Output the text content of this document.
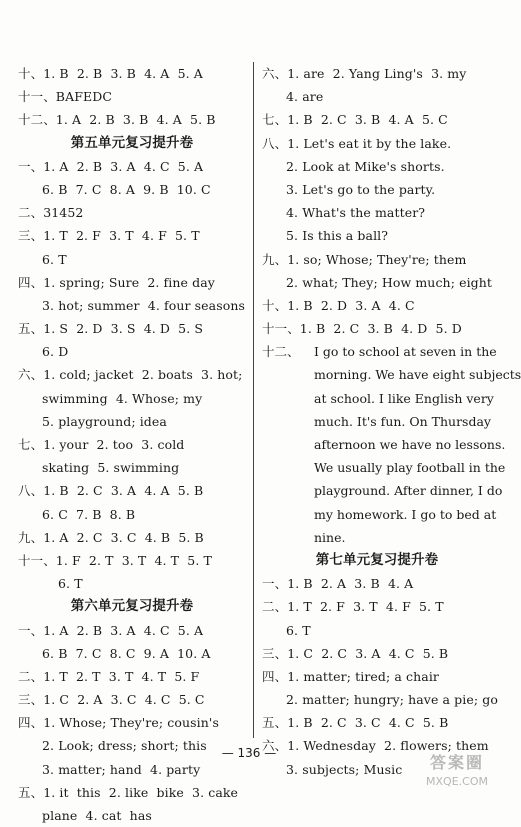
十、1. B  2. B  3. B  4. A  5. A
十一、BAFEDC
十二、1. A  2. B  3. B  4. A  5. B
第五单元复习提升卷
一、1. A  2. B  3. A  4. C  5. A
6. B  7. C  8. A  9. B  10. C
二、31452
三、1. T  2. F  3. T  4. F  5. T
6. T
四、1. spring; Sure  2. fine day
3. hot; summer  4. four seasons
五、1. S  2. D  3. S  4. D  5. S
6. D
六、1. cold; jacket  2. boats  3. hot;
swimming  4. Whose; my
5. playground; idea
七、1. your  2. too  3. cold
skating  5. swimming
八、1. B  2. C  3. A  4. A  5. B
6. C  7. B  8. B
九、1. A  2. C  3. C  4. B  5. B
十一、1. F  2. T  3. T  4. T  5. T
6. T
第六单元复习提升卷
一、1. A  2. B  3. A  4. C  5. A
6. B  7. C  8. C  9. A  10. A
二、1. T  2. T  3. T  4. T  5. F
三、1. C  2. A  3. C  4. C  5. C
四、1. Whose; They're; cousin's
2. Look; dress; short; this
3. matter; hand  4. party
五、1. it  this  2. like  bike  3. cake
plane  4. cat  has
六、1. are  2. Yang Ling's  3. my
4. are
七、1. B  2. C  3. B  4. A  5. C
八、1. Let's eat it by the lake.
2. Look at Mike's shorts.
3. Let's go to the party.
4. What's the matter?
5. Is this a ball?
九、1. so; Whose; They're; them
2. what; They; How much; eight
十、1. B  2. D  3. A  4. C
十一、1. B  2. C  3. B  4. D  5. D
十二、	I go to school at seven in the
morning. We have eight subjects
at school. I like English very
much. It's fun. On Thursday
afternoon we have no lessons.
We usually play football in the
playground. After dinner, I do
my homework. I go to bed at
nine.
第七单元复习提升卷
一、1. B  2. A  3. B  4. A
二、1. T  2. F  3. T  4. F  5. T
6. T
三、1. C  2. C  3. A  4. C  5. B
四、1. matter; tired; a chair
2. matter; hungry; have a pie; go
五、1. B  2. C  3. C  4. C  5. B
六、1. Wednesday  2. flowers; them
3. subjects; Music
— 136 —	答案圈
MXQE.COM
